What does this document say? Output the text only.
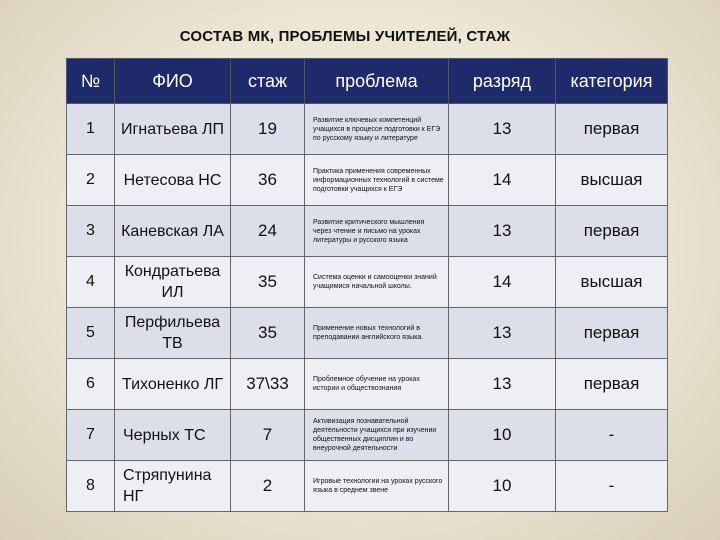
СОСТАВ МК, ПРОБЛЕМЫ УЧИТЕЛЕЙ, СТАЖ
№	ФИО	стаж	проблема	разряд	категория
1	Игнатьева ЛП	19	Развитие ключевых компетенций учащихся в процессе подготовки к ЕГЭ по русскому языку и литературе	13	первая
2	Нетесова НС	36	Практика применения современных информационных технологий в системе подготовки учащихся к ЕГЭ	14	высшая
3	Каневская ЛА	24	Развитие критического мышления через чтение и письмо на уроках литературы и русского языка	13	первая
4	Кондратьева ИЛ	35	Система оценки и самооценки знаний учащимися начальной школы.	14	высшая
5	Перфильева ТВ	35	Применение новых технологий в преподавании английского языка.	13	первая
6	Тихоненко ЛГ	37\33	Проблемное обучение на уроках истории и обществознания	13	первая
7	Черных ТС	7	Активизация познавательной деятельности учащихся при изучении общественных дисциплин и во внеурочной деятельности	10	-
8	Стряпунина НГ	2	Игровые технологии на уроках русского языка в среднем звене	10	-
